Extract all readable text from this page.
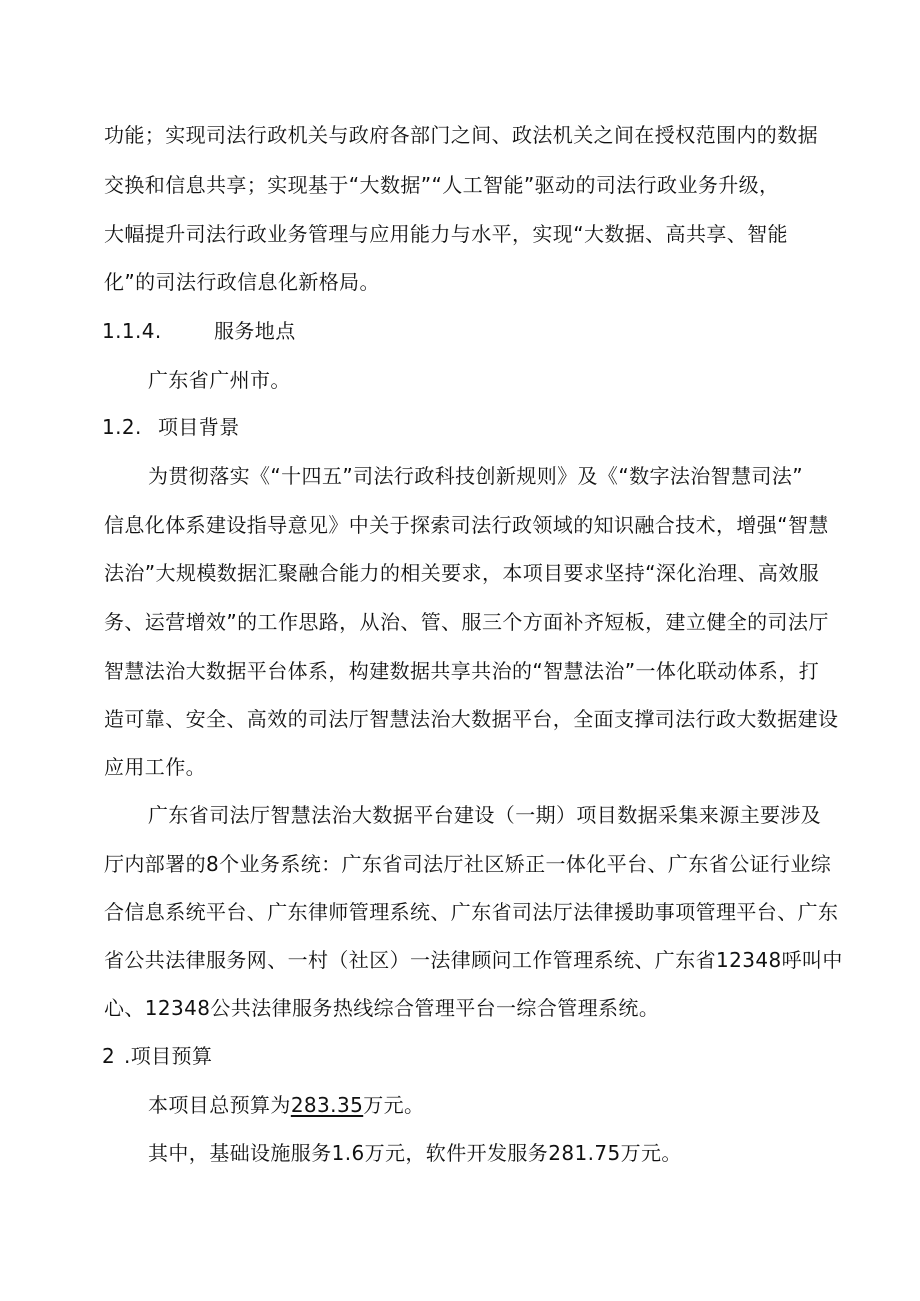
功能；实现司法行政机关与政府各部门之间、政法机关之间在授权范围内的数据
交换和信息共享；实现基于“大数据”“人工智能”驱动的司法行政业务升级，
大幅提升司法行政业务管理与应用能力与水平，实现“大数据、高共享、智能
化”的司法行政信息化新格局。
1.1.4.	服务地点
广东省广州市。
1.2. 项目背景
为贯彻落实《“十四五”司法行政科技创新规则》及《“数字法治智慧司法”
信息化体系建设指导意见》中关于探索司法行政领域的知识融合技术，增强“智慧
法治”大规模数据汇聚融合能力的相关要求，本项目要求坚持“深化治理、高效服
务、运营增效”的工作思路，从治、管、服三个方面补齐短板，建立健全的司法厅
智慧法治大数据平台体系，构建数据共享共治的“智慧法治”一体化联动体系，打
造可靠、安全、高效的司法厅智慧法治大数据平台，全面支撑司法行政大数据建设
应用工作。
广东省司法厅智慧法治大数据平台建设（一期）项目数据采集来源主要涉及
厅内部署的8个业务系统：广东省司法厅社区矫正一体化平台、广东省公证行业综
合信息系统平台、广东律师管理系统、广东省司法厅法律援助事项管理平台、广东
省公共法律服务网、一村（社区）一法律顾问工作管理系统、广东省12348呼叫中
心、12348公共法律服务热线综合管理平台一综合管理系统。
2 .项目预算
本项目总预算为283.35万元。
其中，基础设施服务1.6万元，软件开发服务281.75万元。
